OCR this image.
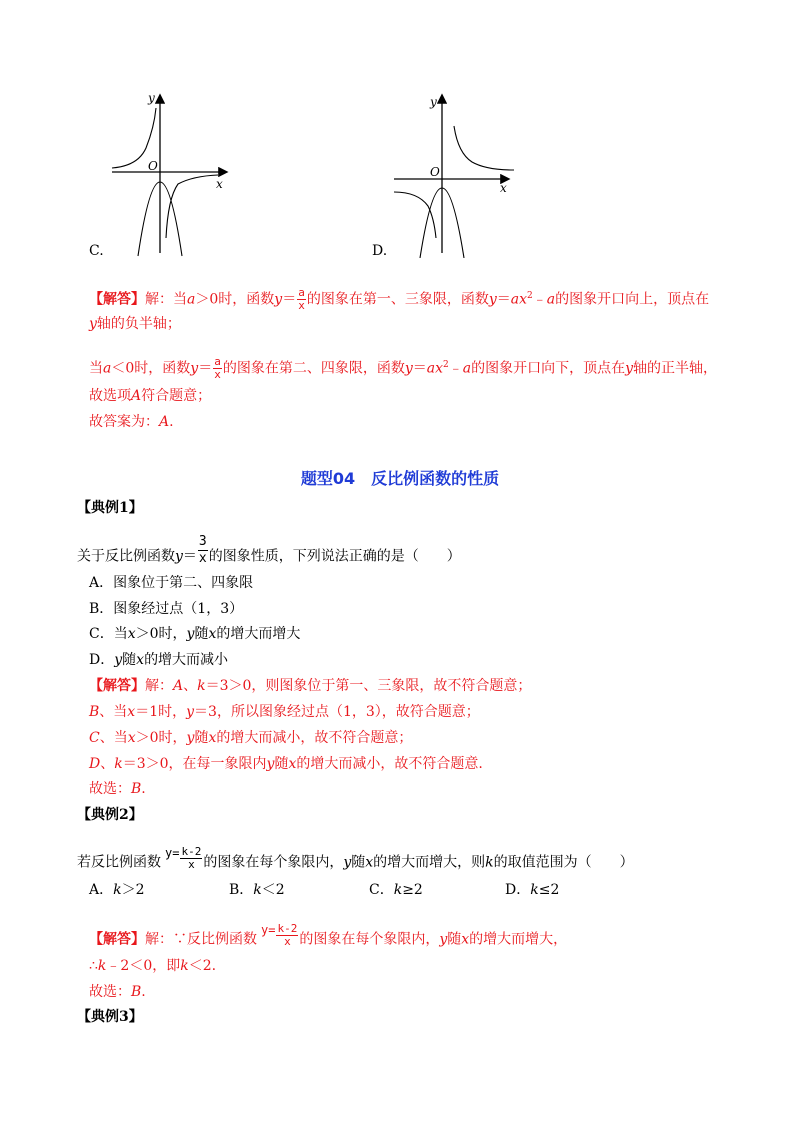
O
x
y
C.
O
x
y
D.
【解答】解：当a＞0时，函数$y= \frac{a}{x}$ 的图象在第一、三象限，函数$y=ax^2﹣a$的图象开口向上，顶点在
y轴的负半轴；
当a＜0时，函数$y= \frac{a}{x}$ 的图象在第二、四象限，函数$y=ax^2﹣a$的图象开口向下，顶点在y轴的正半轴，
故选项A符合题意；
故答案为：A.
题型04　反比例函数的性质
【典例1】
关于反比例函数$y= \frac{3}{x}$ 的图象性质，下列说法正确的是（　　）
A．图象位于第二、四象限
B．图象经过点（1，3）
C．当x＞0时，y随x的增大而增大
D．y随x的增大而减小
【解答】解：A、k＝3＞0，则图象位于第一、三象限，故不符合题意；
B、当x＝1时，y＝3，所以图象经过点（1，3），故符合题意；
C、当x＞0时，y随x的增大而减小，故不符合题意；
D、k＝3＞0，在每一象限内y随x的增大而减小，故不符合题意.
故选：B.
【典例2】
若反比例函数$y= \frac{k-2}{x}$ 的图象在每个象限内，y随x的增大而增大，则k的取值范围为（　　）
A．k＞2	B．k＜2	C．k≥2	D．k≤2
【解答】解：∵反比例函数$y= \frac{k-2}{x}$ 的图象在每个象限内，y随x的增大而增大，
∴k﹣2＜0，即k＜2.
故选：B.
【典例3】
